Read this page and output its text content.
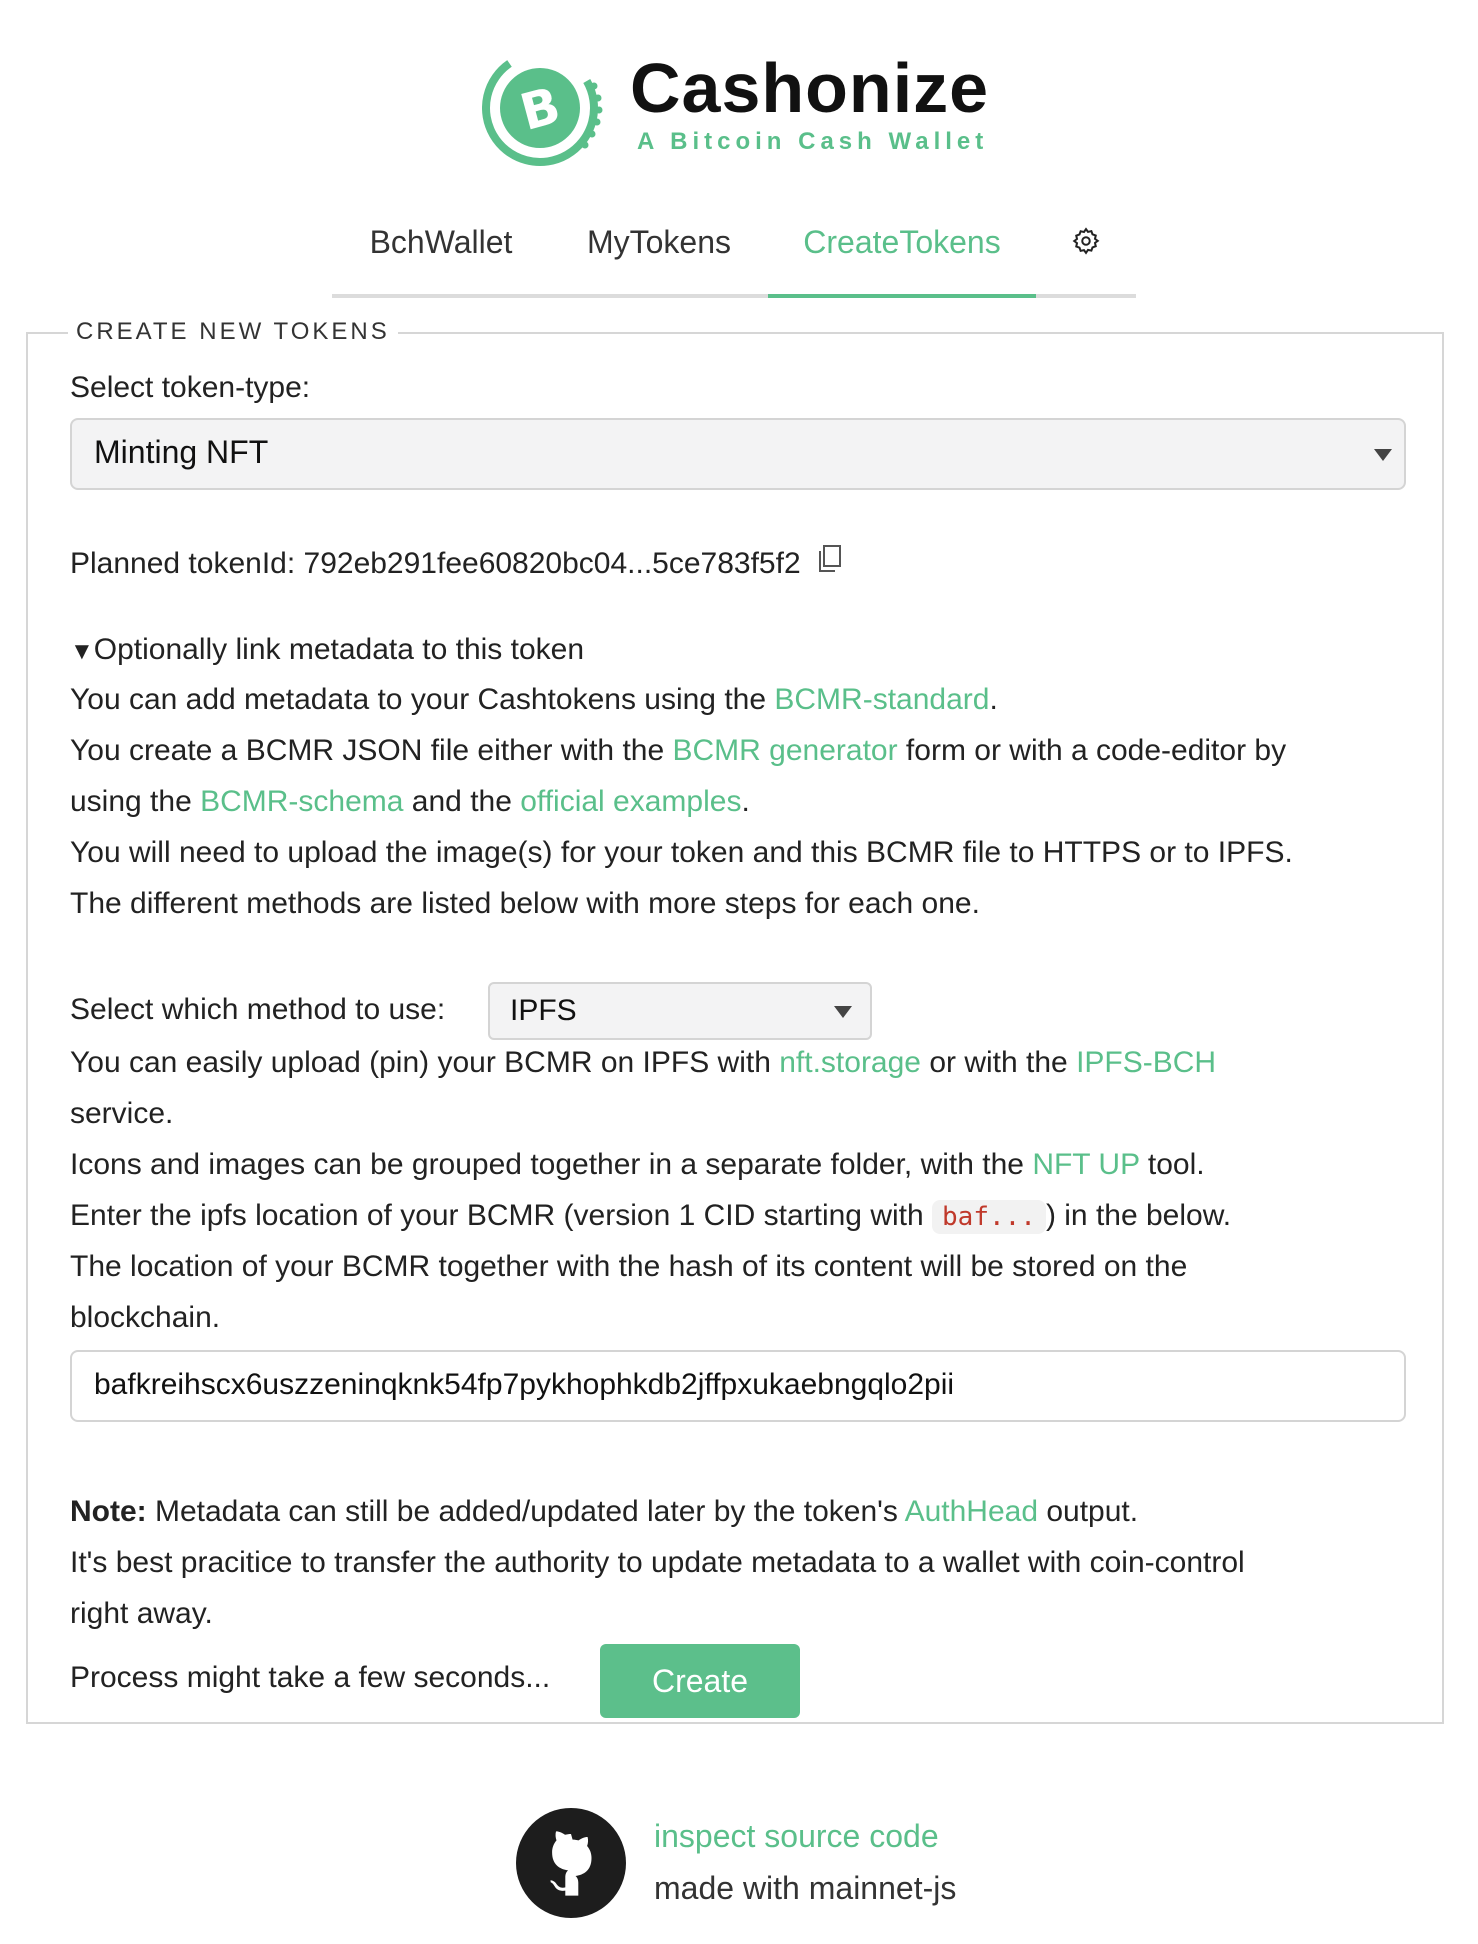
B Cashonize
A Bitcoin Cash Wallet
BchWallet	MyTokens	CreateTokens
CREATE NEW TOKENS
Select token-type:
Minting NFT
Planned tokenId: 792eb291fee60820bc04...5ce783f5f2
▼Optionally link metadata to this token
You can add metadata to your Cashtokens using the BCMR-standard.
You create a BCMR JSON file either with the BCMR generator form or with a code-editor by
using the BCMR-schema and the official examples.
You will need to upload the image(s) for your token and this BCMR file to HTTPS or to IPFS.
The different methods are listed below with more steps for each one.
Select which method to use: IPFS
You can easily upload (pin) your BCMR on IPFS with nft.storage or with the IPFS-BCH
service.
Icons and images can be grouped together in a separate folder, with the NFT UP tool.
Enter the ipfs location of your BCMR (version 1 CID starting with baf... ) in the below.
The location of your BCMR together with the hash of its content will be stored on the
blockchain.
bafkreihscx6uszzeninqknk54fp7pykhophkdb2jffpxukaebngqlo2pii
Note: Metadata can still be added/updated later by the token's AuthHead output.
It's best pracitice to transfer the authority to update metadata to a wallet with coin-control
right away.
Process might take a few seconds...	Create
inspect source code
made with mainnet-js
